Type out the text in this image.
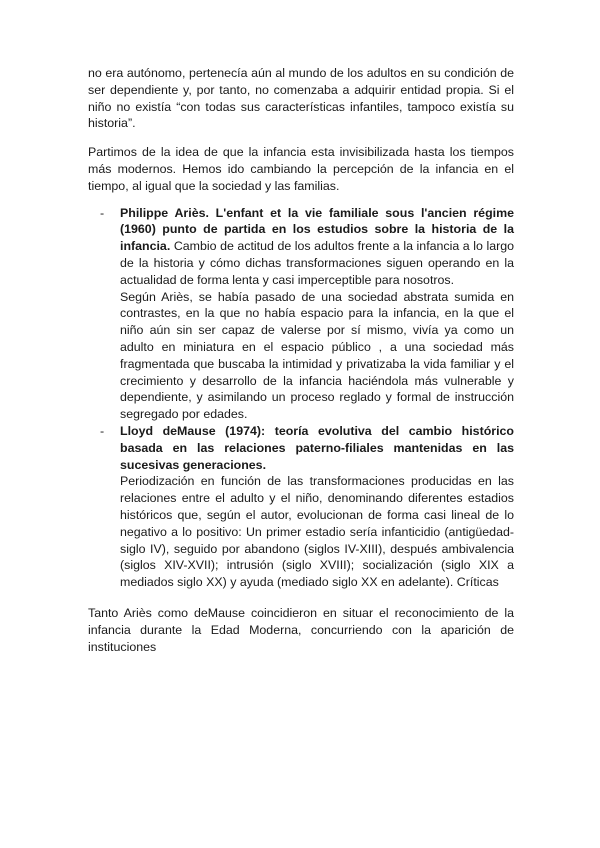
no era autónomo, pertenecía aún al mundo de los adultos en su condición de ser dependiente y, por tanto, no comenzaba a adquirir entidad propia. Si el niño no existía “con todas sus características infantiles, tampoco existía su historia”.

Partimos de la idea de que la infancia esta invisibilizada hasta los tiempos más modernos. Hemos ido cambiando la percepción de la infancia en el tiempo, al igual que la sociedad y las familias.

- Philippe Ariès. L'enfant et la vie familiale sous l'ancien régime (1960) punto de partida en los estudios sobre la historia de la infancia. Cambio de actitud de los adultos frente a la infancia a lo largo de la historia y cómo dichas transformaciones siguen operando en la actualidad de forma lenta y casi imperceptible para nosotros.
Según Ariès, se había pasado de una sociedad abstrata sumida en contrastes, en la que no había espacio para la infancia, en la que el niño aún sin ser capaz de valerse por sí mismo, vivía ya como un adulto en miniatura en el espacio público , a una sociedad más fragmentada que buscaba la intimidad y privatizaba la vida familiar y el crecimiento y desarrollo de la infancia haciéndola más vulnerable y dependiente, y asimilando un proceso reglado y formal de instrucción segregado por edades.
- Lloyd deMause (1974): teoría evolutiva del cambio histórico basada en las relaciones paterno-filiales mantenidas en las sucesivas generaciones.
Periodización en función de las transformaciones producidas en las relaciones entre el adulto y el niño, denominando diferentes estadios históricos que, según el autor, evolucionan de forma casi lineal de lo negativo a lo positivo: Un primer estadio sería infanticidio (antigüedad-siglo IV), seguido por abandono (siglos IV-XIII), después ambivalencia (siglos XIV-XVII); intrusión (siglo XVIII); socialización (siglo XIX a mediados siglo XX) y ayuda (mediado siglo XX en adelante). Críticas

Tanto Ariès como deMause coincidieron en situar el reconocimiento de la infancia durante la Edad Moderna, concurriendo con la aparición de instituciones
